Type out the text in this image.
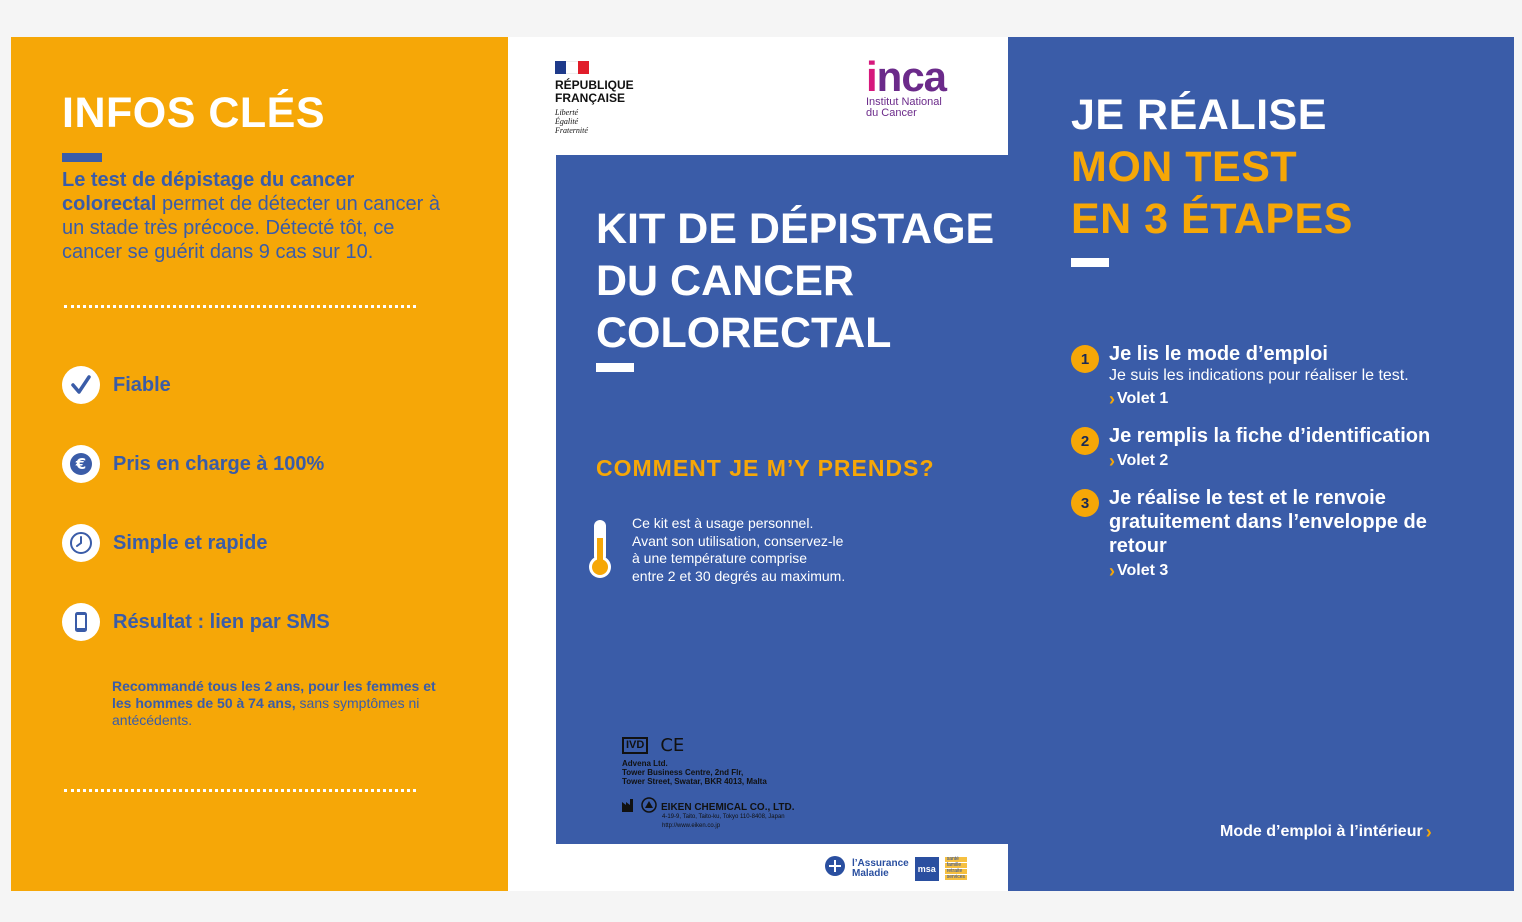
INFOS CLÉS

Le test de dépistage du cancer colorectal permet de détecter un cancer à un stade très précoce. Détecté tôt, ce cancer se guérit dans 9 cas sur 10.

Fiable
€ Pris en charge à 100%
Simple et rapide
Résultat : lien par SMS

Recommandé tous les 2 ans, pour les femmes et les hommes de 50 à 74 ans, sans symptômes ni antécédents.

RÉPUBLIQUE
FRANÇAISE
Liberté
Égalité
Fraternité
inca
Institut National
du Cancer
KIT DE DÉPISTAGE
DU CANCER
COLORECTAL
COMMENT JE M’Y PRENDS?
Ce kit est à usage personnel.
Avant son utilisation, conservez-le
à une température comprise
entre 2 et 30 degrés au maximum.
IVD CE
Advena Ltd.
Tower Business Centre, 2nd Flr,
Tower Street, Swatar, BKR 4013, Malta
EIKEN CHEMICAL CO., LTD.
4-19-9, Taito, Taito-ku, Tokyo 110-8408, Japan
http://www.eiken.co.jp
l’Assurance
Maladie	msa
santé
famille
retraite
services
JE RÉALISE
MON TEST
EN 3 ÉTAPES
1 Je lis le mode d’emploi
Je suis les indications pour réaliser le test.
› Volet 1
2 Je remplis la fiche d’identification
› Volet 2
3 Je réalise le test et le renvoie gratuitement dans l’enveloppe de retour
› Volet 3
Mode d’emploi à l’intérieur ›
